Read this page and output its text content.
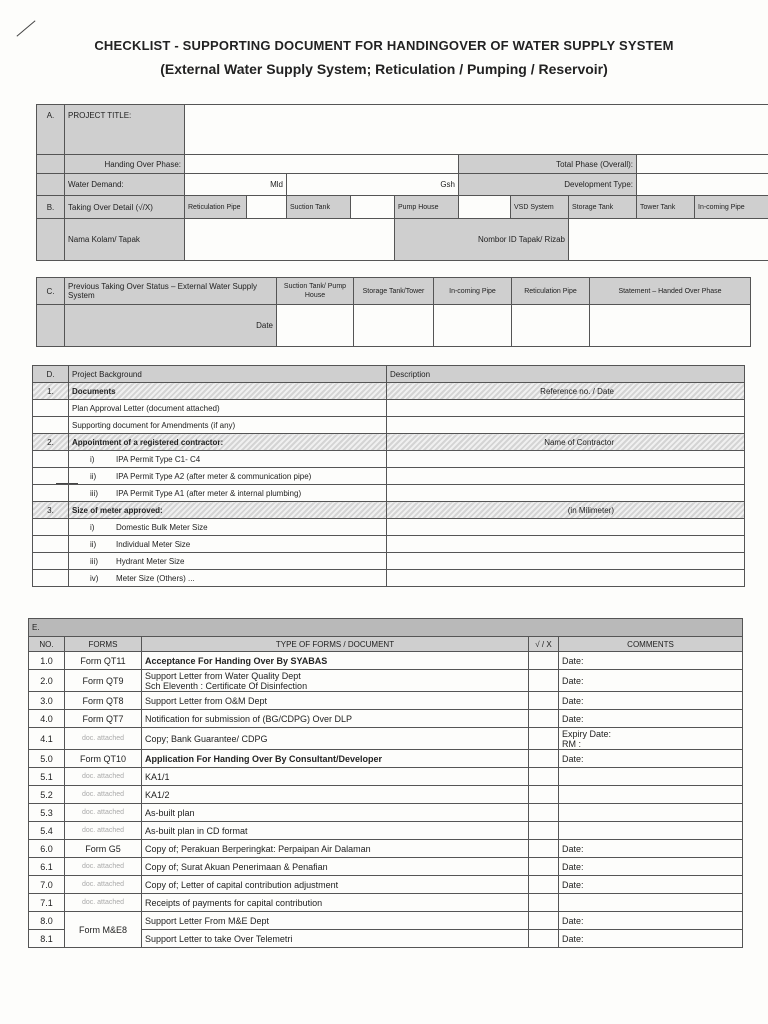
CHECKLIST - SUPPORTING DOCUMENT FOR HANDINGOVER OF WATER SUPPLY SYSTEM
(External Water Supply System; Reticulation / Pumping / Reservoir)
A.	PROJECT TITLE:										
	Handing Over Phase:						Total Phase (Overall):				
	Water Demand:	Mld		Gsh			Development Type:				
B.	Taking Over Detail (√/X)	Reticulation Pipe		Suction Tank		Pump House		VSD System	Storage Tank	Tower Tank	In-coming Pipe
	Nama Kolam/ Tapak					Nombor ID Tapak/ Rizab					
C.	Previous Taking Over Status – External Water Supply System	Suction Tank/ Pump House	Storage Tank/Tower	In-coming Pipe	Reticulation Pipe	Statement – Handed Over Phase
	Date					
D.	Project Background	Description
1.	Documents	Reference no. / Date
	Plan Approval Letter (document attached)	
	Supporting document for Amendments (if any)	
2.	Appointment of a registered contractor:	Name of Contractor
	i) IPA Permit Type C1- C4	
	ii) IPA Permit Type A2 (after meter & communication pipe)	
	iii) IPA Permit Type A1 (after meter & internal plumbing)	
3.	Size of meter approved:	(in Milimeter)
	i) Domestic Bulk Meter Size	
	ii) Individual Meter Size	
	iii) Hydrant Meter Size	
	iv) Meter Size (Others) ...	
E.				
NO.	FORMS	TYPE OF FORMS / DOCUMENT	√ / X	COMMENTS
1.0	Form QT11	Acceptance For Handing Over By SYABAS		Date:

2.0	Form QT9	Support Letter from Water Quality Dept
Sch Eleventh : Certificate Of Disinfection		Date:

3.0	Form QT8	Support Letter from O&M Dept		Date:

4.0	Form QT7	Notification for submission of (BG/CDPG) Over DLP		Date:

4.1	doc. attached	Copy; Bank Guarantee/ CDPG		Expiry Date:
RM :

5.0	Form QT10	Application For Handing Over By Consultant/Developer		Date:

5.1	doc. attached	KA1/1		

5.2	doc. attached	KA1/2		

5.3	doc. attached	As-built plan		

5.4	doc. attached	As-built plan in CD format		

6.0	Form G5	Copy of; Perakuan Berperingkat: Perpaipan Air Dalaman		Date:

6.1	doc. attached	Copy of; Surat Akuan Penerimaan & Penafian		Date:

7.0	doc. attached	Copy of; Letter of capital contribution adjustment		Date:

7.1	doc. attached	Receipts of payments for capital contribution		

8.0	Form M&E8	Support Letter From M&E Dept		Date:

8.1		Support Letter to take Over Telemetri		Date:
